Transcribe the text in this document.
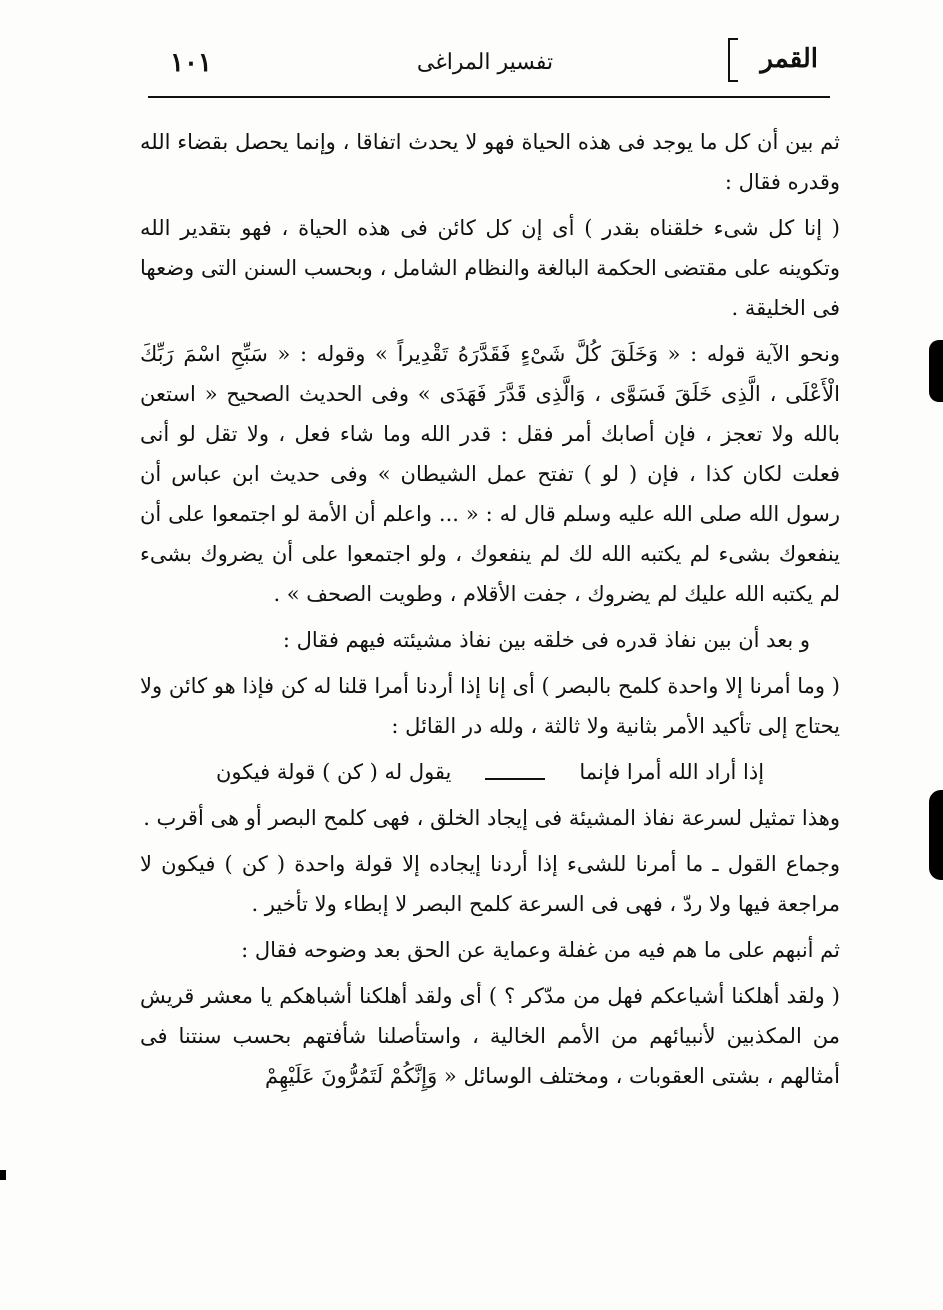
القمر
تفسير المراغى
١٠١

ثم بين أن كل ما يوجد فى هذه الحياة فهو لا يحدث اتفاقا ، وإنما يحصل بقضاء الله وقدره فقال :

( إنا كل شىء خلقناه بقدر ) أى إن كل كائن فى هذه الحياة ، فهو بتقدير الله وتكوينه على مقتضى الحكمة البالغة والنظام الشامل ، وبحسب السنن التى وضعها فى الخليقة .

ونحو الآية قوله : « وَخَلَقَ كُلَّ شَىْءٍ فَقَدَّرَهُ تَقْدِيراً » وقوله : « سَبِّحِ اسْمَ رَبِّكَ الْأَعْلَى ، الَّذِى خَلَقَ فَسَوَّى ، وَالَّذِى قَدَّرَ فَهَدَى » وفى الحديث الصحيح « استعن بالله ولا تعجز ، فإن أصابك أمر فقل : قدر الله وما شاء فعل ، ولا تقل لو أنى فعلت لكان كذا ، فإن ( لو ) تفتح عمل الشيطان » وفى حديث ابن عباس أن رسول الله صلى الله عليه وسلم قال له : « ... واعلم أن الأمة لو اجتمعوا على أن ينفعوك بشىء لم يكتبه الله لك لم ينفعوك ، ولو اجتمعوا على أن يضروك بشىء لم يكتبه الله عليك لم يضروك ، جفت الأقلام ، وطويت الصحف » .

و بعد أن بين نفاذ قدره فى خلقه بين نفاذ مشيئته فيهم فقال :

( وما أمرنا إلا واحدة كلمح بالبصر ) أى إنا إذا أردنا أمرا قلنا له كن فإذا هو كائن ولا يحتاج إلى تأكيد الأمر بثانية ولا ثالثة ، ولله در القائل :

إذا أراد الله أمرا فإنما
يقول له ( كن ) قولة فيكون

وهذا تمثيل لسرعة نفاذ المشيئة فى إيجاد الخلق ، فهى كلمح البصر أو هى أقرب .

وجماع القول ـ ما أمرنا للشىء إذا أردنا إيجاده إلا قولة واحدة ( كن ) فيكون لا مراجعة فيها ولا ردّ ، فهى فى السرعة كلمح البصر لا إبطاء ولا تأخير .

ثم أنبهم على ما هم فيه من غفلة وعماية عن الحق بعد وضوحه فقال :

( ولقد أهلكنا أشياعكم فهل من مدّكر ؟ ) أى ولقد أهلكنا أشباهكم يا معشر قريش من المكذبين لأنبيائهم من الأمم الخالية ، واستأصلنا شأفتهم بحسب سنتنا فى أمثالهم ، بشتى العقوبات ، ومختلف الوسائل « وَإِنَّكُمْ لَتَمُرُّونَ عَلَيْهِمْ
